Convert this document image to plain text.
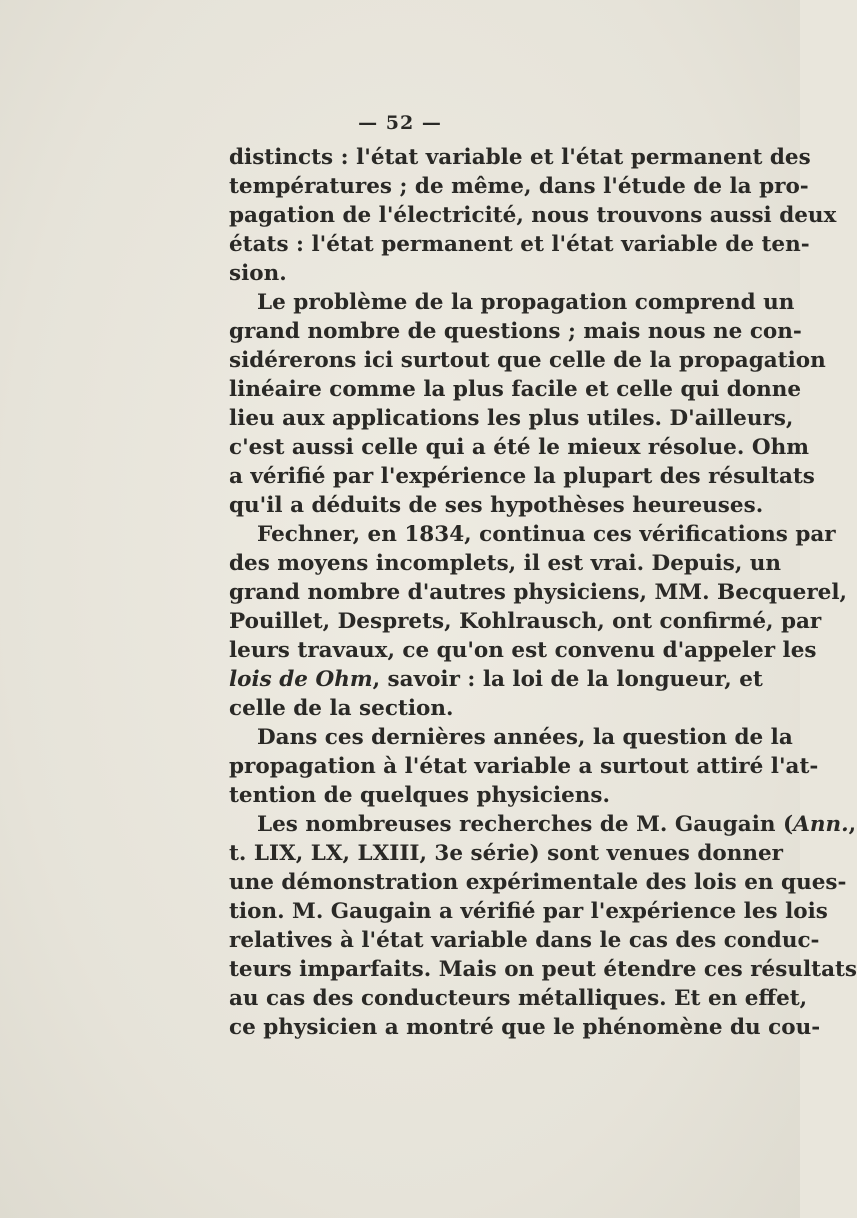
— 52 —
distincts : l'état variable et l'état permanent des
températures ; de même, dans l'étude de la pro-
pagation de l'électricité, nous trouvons aussi deux
états : l'état permanent et l'état variable de ten-
sion.
Le problème de la propagation comprend un
grand nombre de questions ; mais nous ne con-
sidérerons ici surtout que celle de la propagation
linéaire comme la plus facile et celle qui donne
lieu aux applications les plus utiles. D'ailleurs,
c'est aussi celle qui a été le mieux résolue. Ohm
a vérifié par l'expérience la plupart des résultats
qu'il a déduits de ses hypothèses heureuses.
Fechner, en 1834, continua ces vérifications par
des moyens incomplets, il est vrai. Depuis, un
grand nombre d'autres physiciens, MM. Becquerel,
Pouillet, Desprets, Kohlrausch, ont confirmé, par
leurs travaux, ce qu'on est convenu d'appeler les
lois de Ohm, savoir : la loi de la longueur, et
celle de la section.
Dans ces dernières années, la question de la
propagation à l'état variable a surtout attiré l'at-
tention de quelques physiciens.
Les nombreuses recherches de M. Gaugain (Ann.,
t. LIX, LX, LXIII, 3e série) sont venues donner
une démonstration expérimentale des lois en ques-
tion. M. Gaugain a vérifié par l'expérience les lois
relatives à l'état variable dans le cas des conduc-
teurs imparfaits. Mais on peut étendre ces résultats
au cas des conducteurs métalliques. Et en effet,
ce physicien a montré que le phénomène du cou-
